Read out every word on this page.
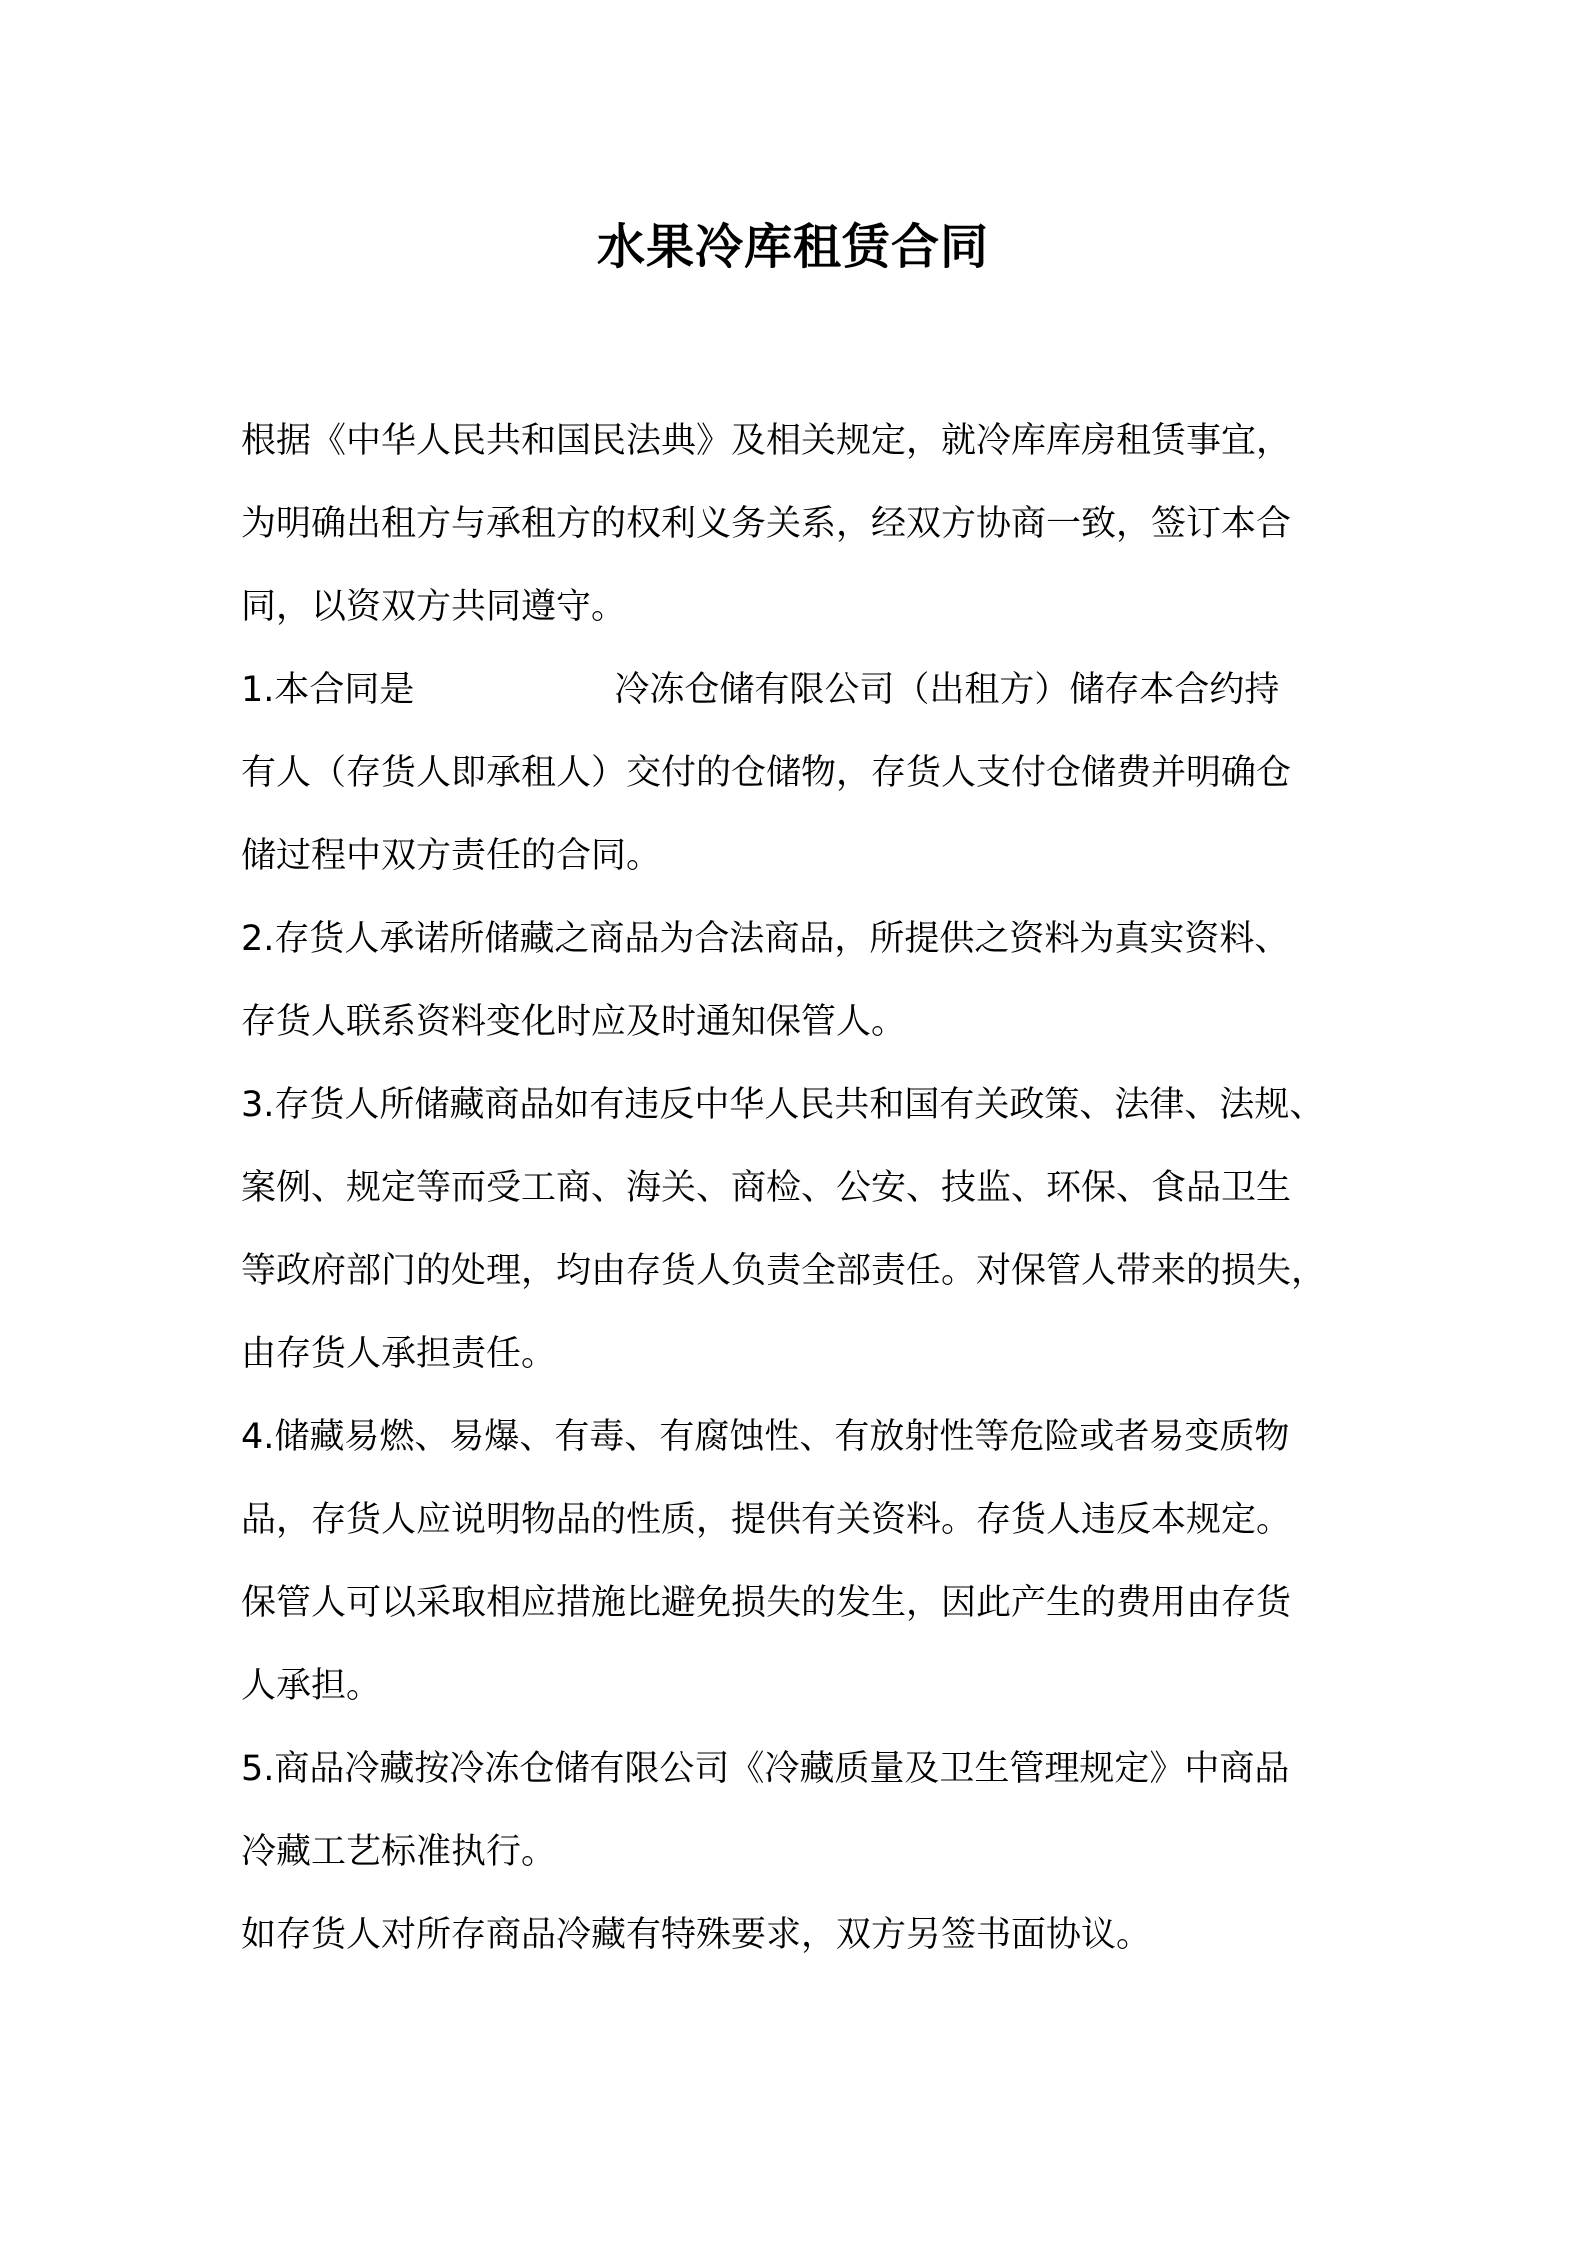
水果冷库租赁合同
根据《中华人民共和国民法典》及相关规定，就冷库库房租赁事宜，
为明确出租方与承租方的权利义务关系，经双方协商一致，签订本合
同，以资双方共同遵守。
1.本合同是	冷冻仓储有限公司（出租方）储存本合约持
有人（存货人即承租人）交付的仓储物，存货人支付仓储费并明确仓
储过程中双方责任的合同。
2.存货人承诺所储藏之商品为合法商品，所提供之资料为真实资料、
存货人联系资料变化时应及时通知保管人。
3.存货人所储藏商品如有违反中华人民共和国有关政策、法律、法规、
案例、规定等而受工商、海关、商检、公安、技监、环保、食品卫生
等政府部门的处理，均由存货人负责全部责任。对保管人带来的损失，
由存货人承担责任。
4.储藏易燃、易爆、有毒、有腐蚀性、有放射性等危险或者易变质物
品，存货人应说明物品的性质，提供有关资料。存货人违反本规定。
保管人可以采取相应措施比避免损失的发生，因此产生的费用由存货
人承担。
5.商品冷藏按冷冻仓储有限公司《冷藏质量及卫生管理规定》中商品
冷藏工艺标准执行。
如存货人对所存商品冷藏有特殊要求，双方另签书面协议。
